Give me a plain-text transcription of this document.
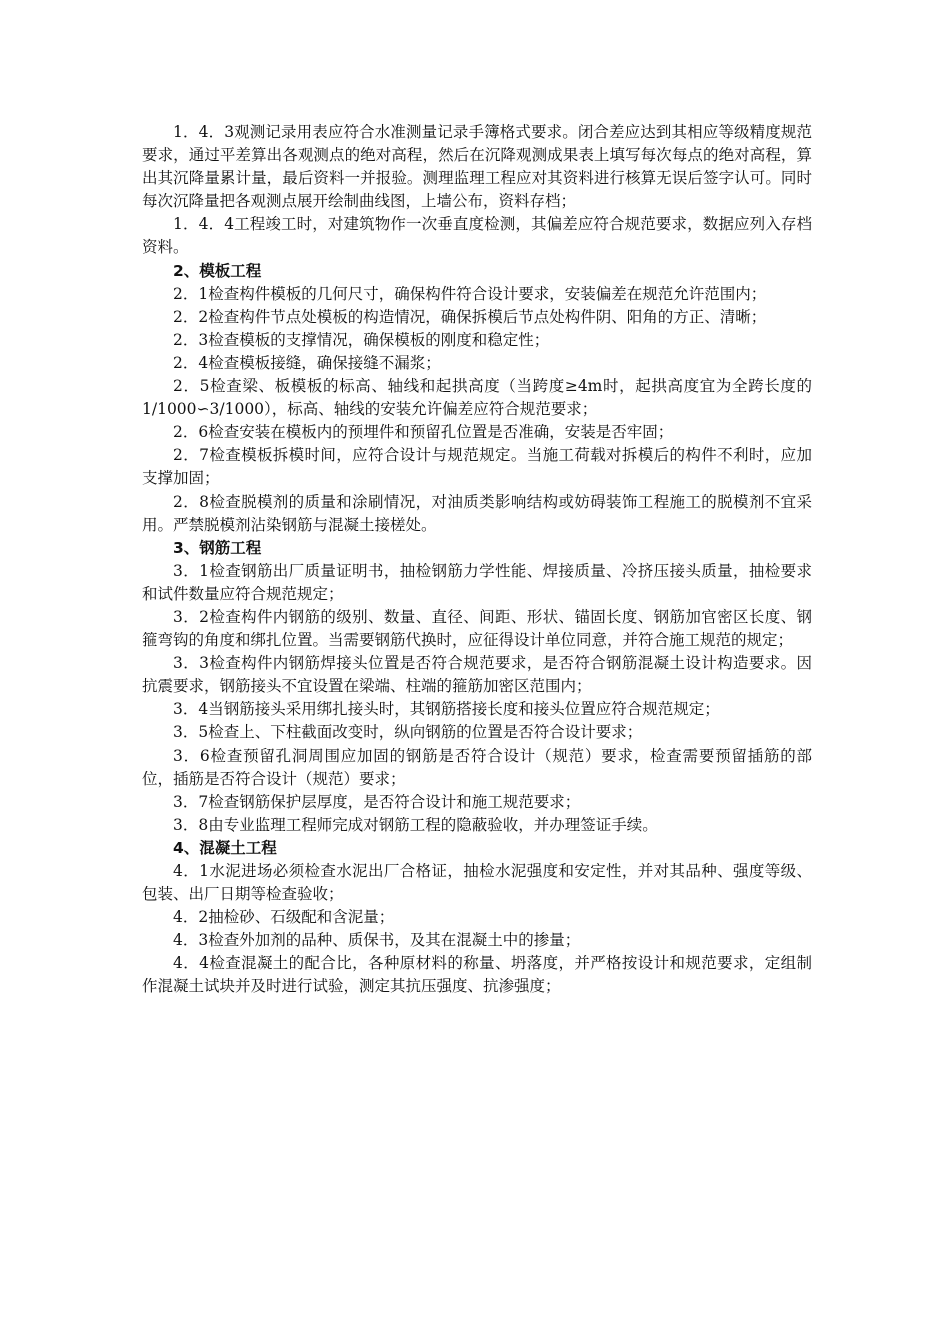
1．4．3观测记录用表应符合水准测量记录手簿格式要求。闭合差应达到其相应等级精度规范要求，通过平差算出各观测点的绝对高程，然后在沉降观测成果表上填写每次每点的绝对高程，算出其沉降量累计量，最后资料一并报验。测理监理工程应对其资料进行核算无误后签字认可。同时每次沉降量把各观测点展开绘制曲线图，上墙公布，资料存档；

1．4．4工程竣工时，对建筑物作一次垂直度检测，其偏差应符合规范要求，数据应列入存档资料。

2、模板工程

2．1检查构件模板的几何尺寸，确保构件符合设计要求，安装偏差在规范允许范围内；

2．2检查构件节点处模板的构造情况，确保拆模后节点处构件阴、阳角的方正、清晰；

2．3检查模板的支撑情况，确保模板的刚度和稳定性；

2．4检查模板接缝，确保接缝不漏浆；

2．5检查梁、板模板的标高、轴线和起拱高度（当跨度≥4m时，起拱高度宜为全跨长度的1/1000∽3/1000），标高、轴线的安装允许偏差应符合规范要求；

2．6检查安装在模板内的预埋件和预留孔位置是否准确，安装是否牢固；

2．7检查模板拆模时间，应符合设计与规范规定。当施工荷载对拆模后的构件不利时，应加支撑加固；

2．8检查脱模剂的质量和涂刷情况，对油质类影响结构或妨碍装饰工程施工的脱模剂不宜采用。严禁脱模剂沾染钢筋与混凝土接槎处。

3、钢筋工程

3．1检查钢筋出厂质量证明书，抽检钢筋力学性能、焊接质量、冷挤压接头质量，抽检要求和试件数量应符合规范规定；

3．2检查构件内钢筋的级别、数量、直径、间距、形状、锚固长度、钢筋加官密区长度、钢箍弯钩的角度和绑扎位置。当需要钢筋代换时，应征得设计单位同意，并符合施工规范的规定；

3．3检查构件内钢筋焊接头位置是否符合规范要求，是否符合钢筋混凝土设计构造要求。因抗震要求，钢筋接头不宜设置在梁端、柱端的箍筋加密区范围内；

3．4当钢筋接头采用绑扎接头时，其钢筋搭接长度和接头位置应符合规范规定；

3．5检查上、下柱截面改变时，纵向钢筋的位置是否符合设计要求；

3．6检查预留孔洞周围应加固的钢筋是否符合设计（规范）要求，检查需要预留插筋的部位，插筋是否符合设计（规范）要求；

3．7检查钢筋保护层厚度，是否符合设计和施工规范要求；

3．8由专业监理工程师完成对钢筋工程的隐蔽验收，并办理签证手续。

4、混凝土工程

4．1水泥进场必须检查水泥出厂合格证，抽检水泥强度和安定性，并对其品种、强度等级、包装、出厂日期等检查验收；

4．2抽检砂、石级配和含泥量；

4．3检查外加剂的品种、质保书，及其在混凝土中的掺量；

4．4检查混凝土的配合比，各种原材料的称量、坍落度，并严格按设计和规范要求，定组制作混凝土试块并及时进行试验，测定其抗压强度、抗渗强度；
